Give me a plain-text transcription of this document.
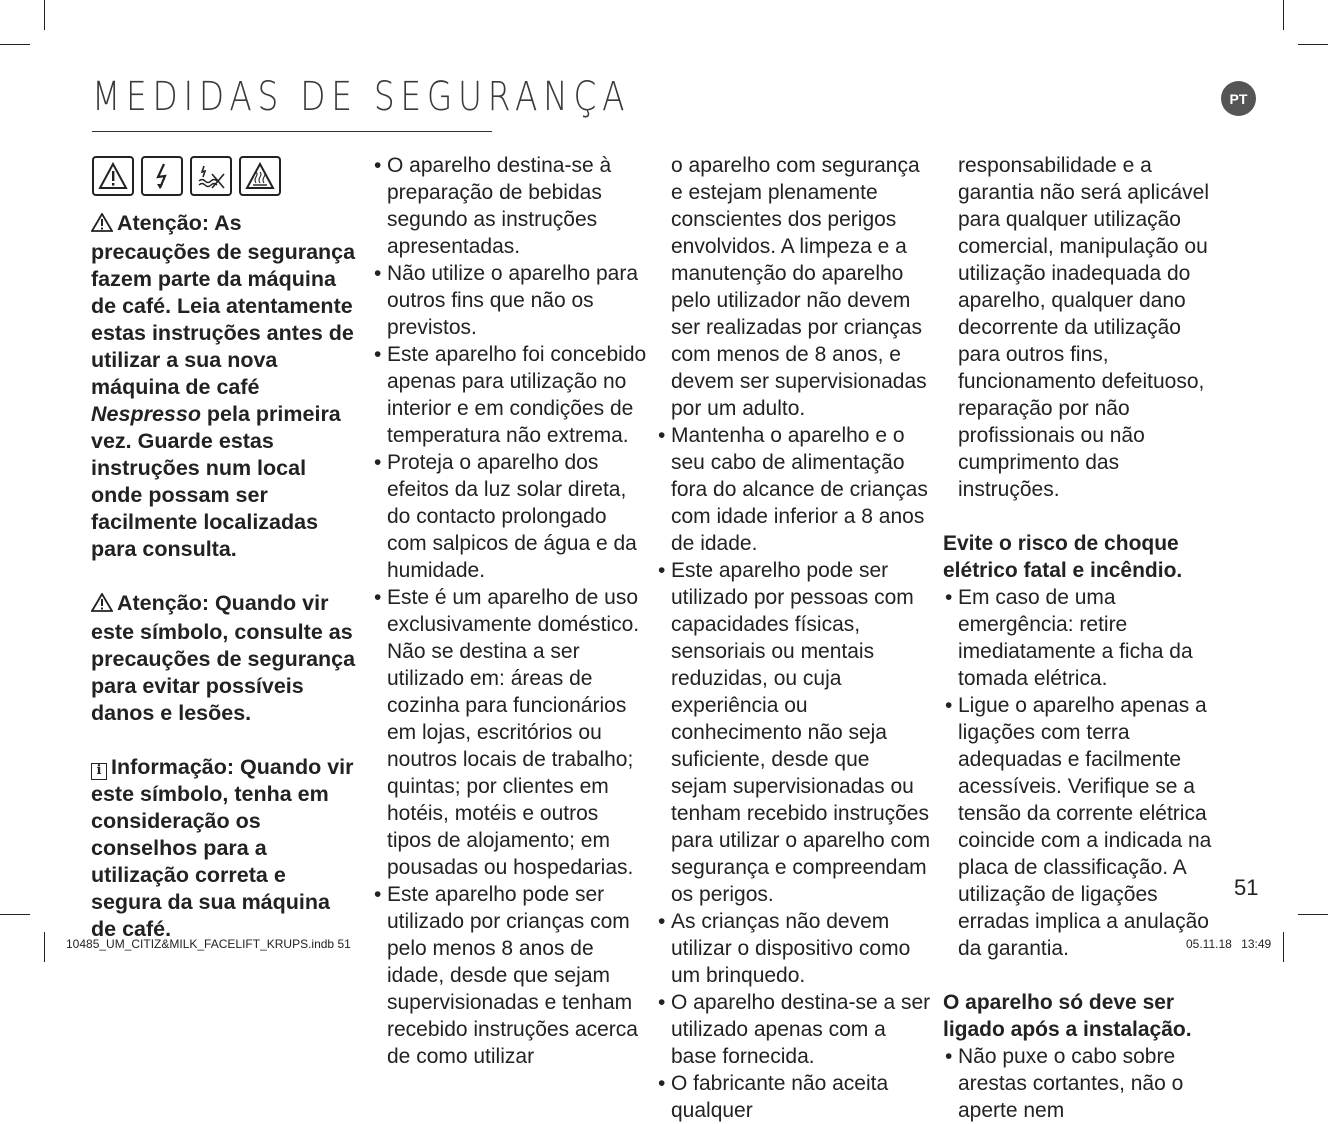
MEDIDAS DE SEGURANÇA	PT

Atenção: As precauções de segurança fazem parte da máquina de café. Leia atentamente estas instruções antes de utilizar a sua nova máquina de café Nespresso pela primeira vez. Guarde estas instruções num local onde possam ser facilmente localizadas para consulta.

Atenção: Quando vir este símbolo, consulte as precauções de segurança para evitar possíveis danos e lesões.

i Informação: Quando vir este símbolo, tenha em consideração os conselhos para a utilização correta e segura da sua máquina de café.

• O aparelho destina-se à preparação de bebidas segundo as instruções apresentadas.

• Não utilize o aparelho para outros fins que não os previstos.

• Este aparelho foi concebido apenas para utilização no interior e em condições de temperatura não extrema.

• Proteja o aparelho dos efeitos da luz solar direta, do contacto prolongado com salpicos de água e da humidade.

• Este é um aparelho de uso exclusivamente doméstico. Não se destina a ser utilizado em: áreas de cozinha para funcionários em lojas, escritórios ou noutros locais de trabalho; quintas; por clientes em hotéis, motéis e outros tipos de alojamento; em pousadas ou hospedarias.

• Este aparelho pode ser utilizado por crianças com pelo menos 8 anos de idade, desde que sejam supervisionadas e tenham recebido instruções acerca de como utilizar

o aparelho com segurança e estejam plenamente conscientes dos perigos envolvidos. A limpeza e a manutenção do aparelho pelo utilizador não devem ser realizadas por crianças com menos de 8 anos, e devem ser supervisionadas por um adulto.

• Mantenha o aparelho e o seu cabo de alimentação fora do alcance de crianças com idade inferior a 8 anos de idade.

• Este aparelho pode ser utilizado por pessoas com capacidades físicas, sensoriais ou mentais reduzidas, ou cuja experiência ou conhecimento não seja suficiente, desde que sejam supervisionadas ou tenham recebido instruções para utilizar o aparelho com segurança e compreendam os perigos.

• As crianças não devem utilizar o dispositivo como um brinquedo.

• O aparelho destina-se a ser utilizado apenas com a base fornecida.

• O fabricante não aceita qualquer

responsabilidade e a garantia não será aplicável para qualquer utilização comercial, manipulação ou utilização inadequada do aparelho, qualquer dano decorrente da utilização para outros fins, funcionamento defeituoso, reparação por não profissionais ou não cumprimento das instruções.

Evite o risco de choque elétrico fatal e incêndio.

• Em caso de uma emergência: retire imediatamente a ficha da tomada elétrica.

• Ligue o aparelho apenas a ligações com terra adequadas e facilmente acessíveis. Verifique se a tensão da corrente elétrica coincide com a indicada na placa de classificação. A utilização de ligações erradas implica a anulação da garantia.

O aparelho só deve ser ligado após a instalação.

• Não puxe o cabo sobre arestas cortantes, não o aperte nem

51
10485_UM_CITIZ&MILK_FACELIFT_KRUPS.indb 51	05.11.18 13:49
